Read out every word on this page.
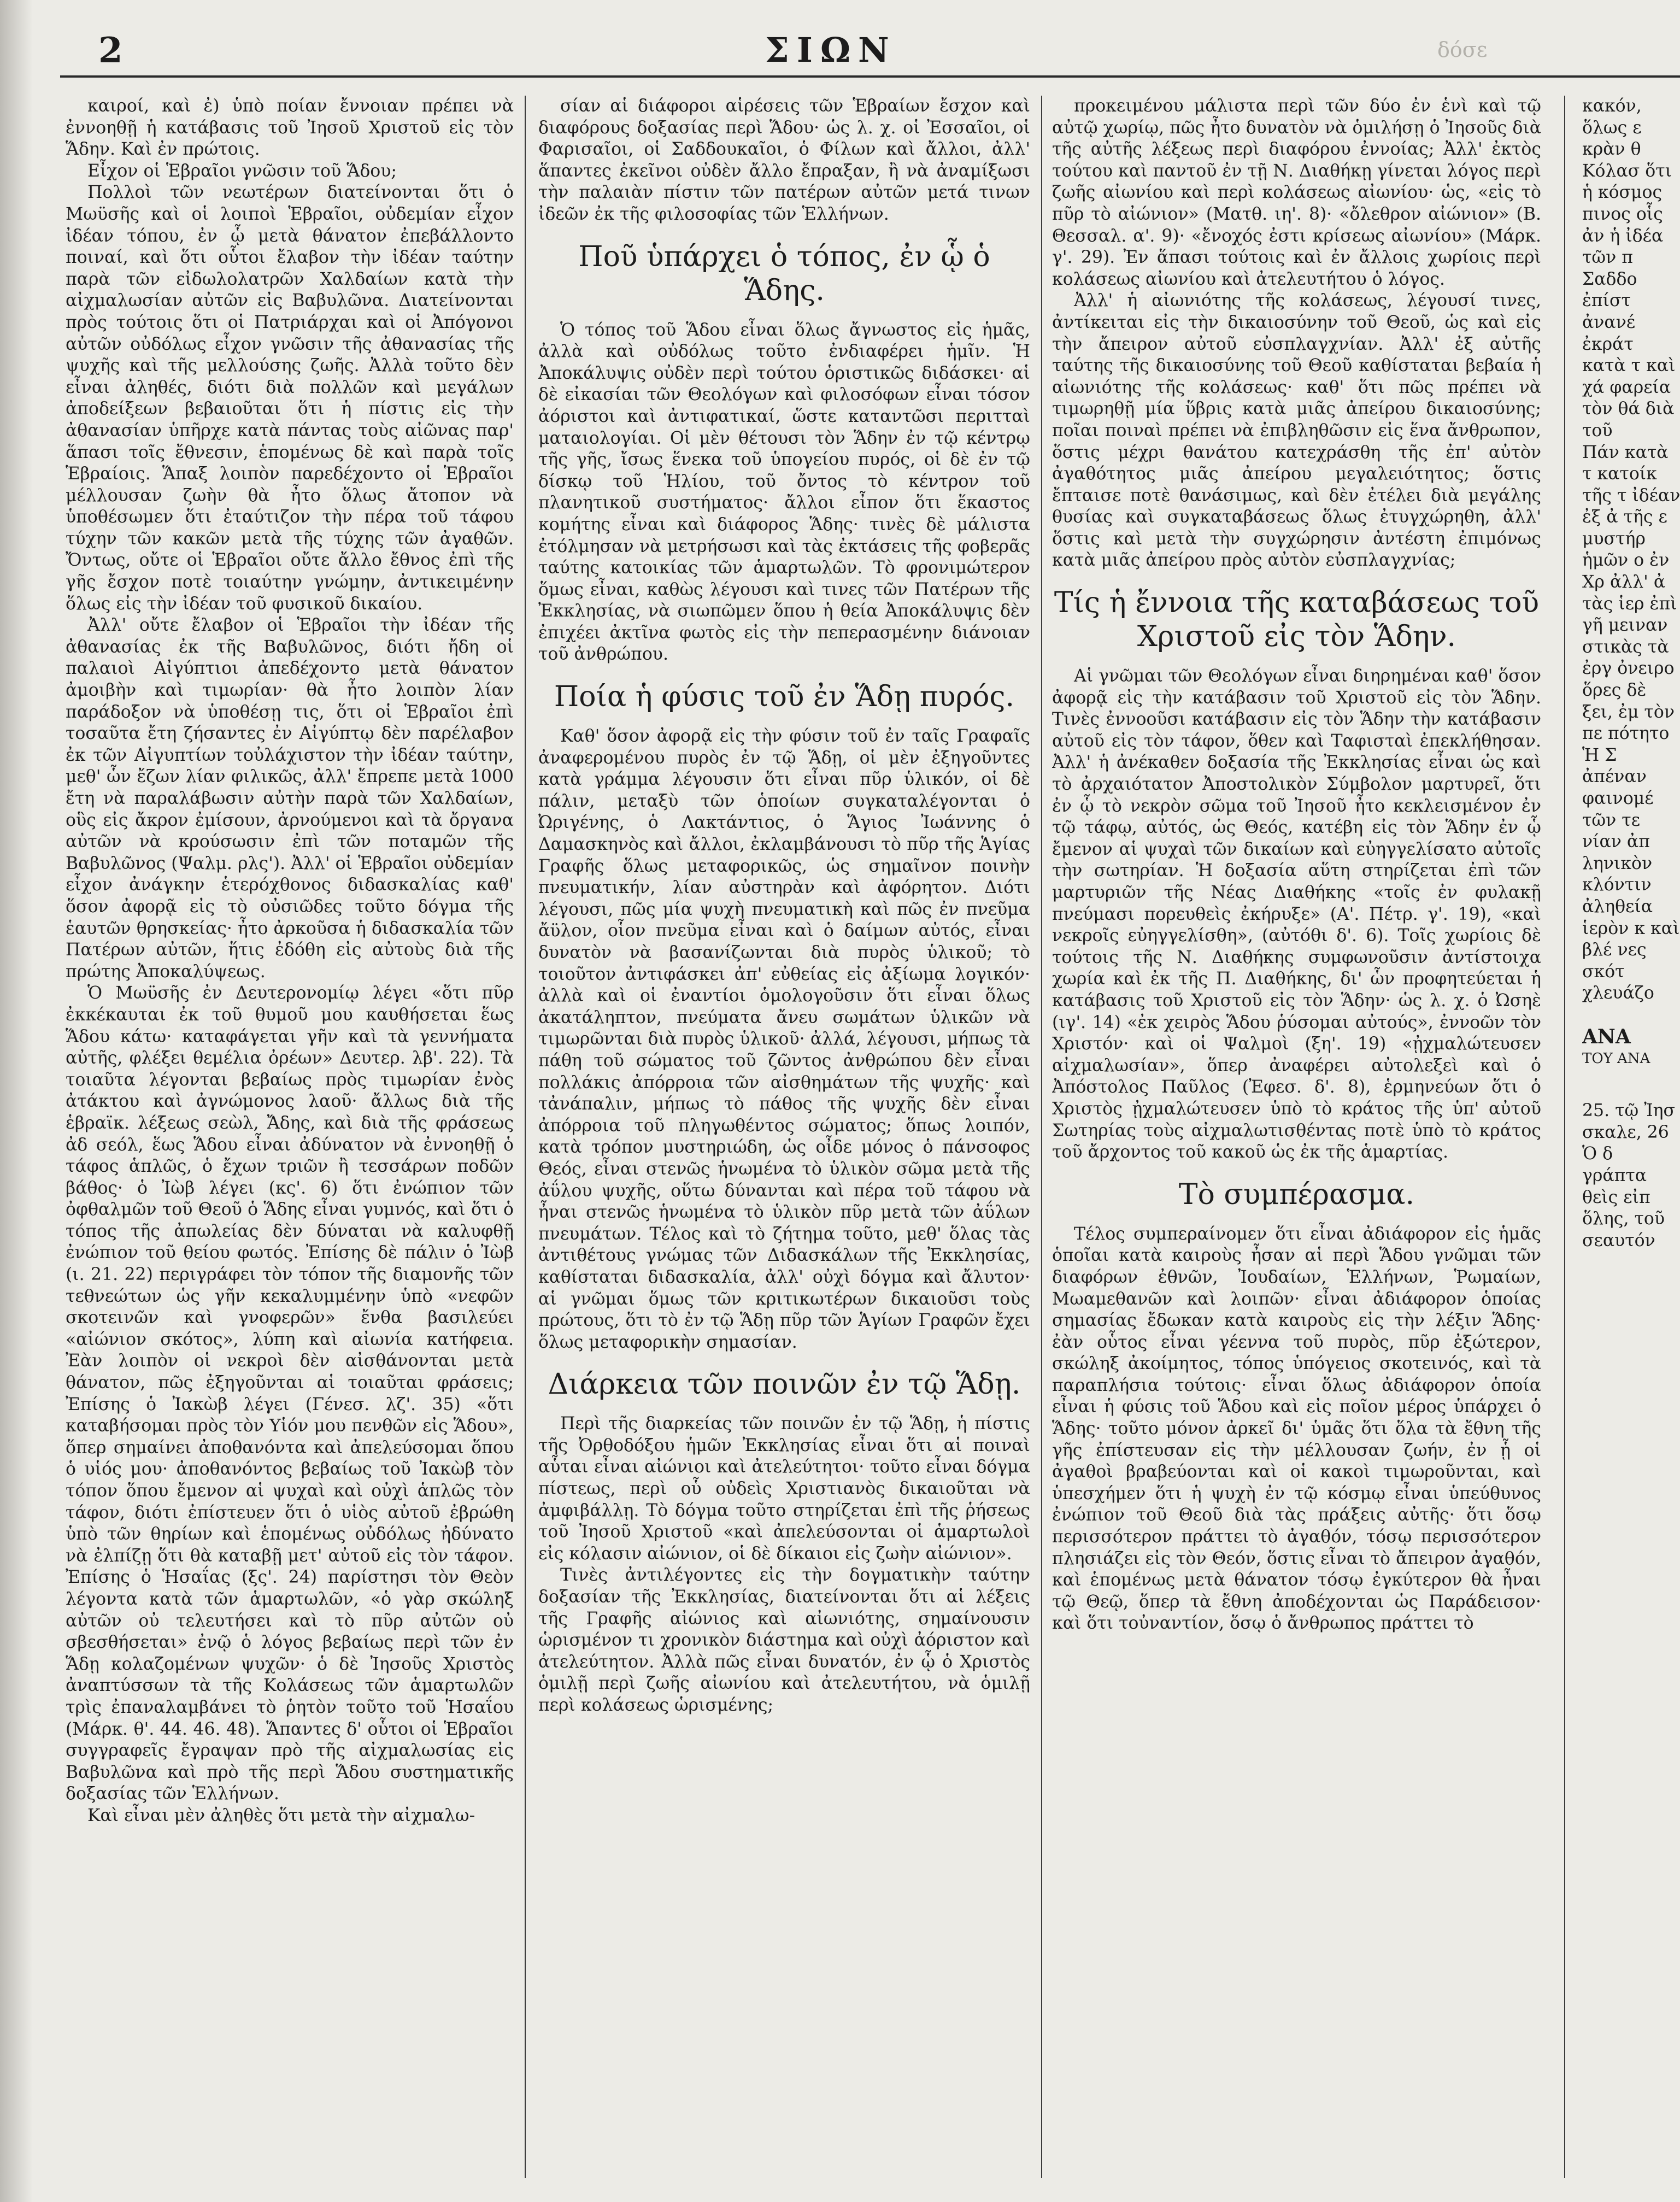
2	ΣΙΩΝ	δόσε

καιροί, καὶ ἐ) ὑπὸ ποίαν ἔννοιαν πρέπει νὰ ἐννοηθῇ ἡ κατάβασις τοῦ Ἰησοῦ Χριστοῦ εἰς τὸν Ἅδην. Καὶ ἐν πρώτοις.

Εἶχον οἱ Ἑβραῖοι γνῶσιν τοῦ Ἅδου;

Πολλοὶ τῶν νεωτέρων διατείνονται ὅτι ὁ Μωϋσῆς καὶ οἱ λοιποὶ Ἑβραῖοι, οὐδεμίαν εἶχον ἰδέαν τόπου, ἐν ᾧ μετὰ θάνατον ἐπεβάλλοντο ποιναί, καὶ ὅτι οὗτοι ἔλαβον τὴν ἰδέαν ταύτην παρὰ τῶν εἰδωλολατρῶν Χαλδαίων κατὰ τὴν αἰχμαλωσίαν αὐτῶν εἰς Βαβυλῶνα. Διατείνονται πρὸς τούτοις ὅτι οἱ Πατριάρχαι καὶ οἱ Ἀπόγονοι αὐτῶν οὐδόλως εἶχον γνῶσιν τῆς ἀθανασίας τῆς ψυχῆς καὶ τῆς μελλούσης ζωῆς. Ἀλλὰ τοῦτο δὲν εἶναι ἀληθές, διότι διὰ πολλῶν καὶ μεγάλων ἀποδείξεων βεβαιοῦται ὅτι ἡ πίστις εἰς τὴν ἀθανασίαν ὑπῆρχε κατὰ πάντας τοὺς αἰῶνας παρ' ἅπασι τοῖς ἔθνεσιν, ἑπομένως δὲ καὶ παρὰ τοῖς Ἑβραίοις. Ἅπαξ λοιπὸν παρεδέχοντο οἱ Ἑβραῖοι μέλλουσαν ζωὴν θὰ ἦτο ὅλως ἄτοπον νὰ ὑποθέσωμεν ὅτι ἐταύτιζον τὴν πέρα τοῦ τάφου τύχην τῶν κακῶν μετὰ τῆς τύχης τῶν ἀγαθῶν. Ὄντως, οὔτε οἱ Ἑβραῖοι οὔτε ἄλλο ἔθνος ἐπὶ τῆς γῆς ἔσχον ποτὲ τοιαύτην γνώμην, ἀντικειμένην ὅλως εἰς τὴν ἰδέαν τοῦ φυσικοῦ δικαίου.

Ἀλλ' οὔτε ἔλαβον οἱ Ἑβραῖοι τὴν ἰδέαν τῆς ἀθανασίας ἐκ τῆς Βαβυλῶνος, διότι ἤδη οἱ παλαιοὶ Αἰγύπτιοι ἀπεδέχοντο μετὰ θάνατον ἀμοιβὴν καὶ τιμωρίαν· θὰ ἦτο λοιπὸν λίαν παράδοξον νὰ ὑποθέσῃ τις, ὅτι οἱ Ἑβραῖοι ἐπὶ τοσαῦτα ἔτη ζήσαντες ἐν Αἰγύπτῳ δὲν παρέλαβον ἐκ τῶν Αἰγυπτίων τοὐλάχιστον τὴν ἰδέαν ταύτην, μεθ' ὧν ἔζων λίαν φιλικῶς, ἀλλ' ἔπρεπε μετὰ 1000 ἔτη νὰ παραλάβωσιν αὐτὴν παρὰ τῶν Χαλδαίων, οὓς εἰς ἄκρον ἐμίσουν, ἀρνούμενοι καὶ τὰ ὄργανα αὐτῶν νὰ κρούσωσιν ἐπὶ τῶν ποταμῶν τῆς Βαβυλῶνος (Ψαλμ. ρλς'). Ἀλλ' οἱ Ἑβραῖοι οὐδεμίαν εἶχον ἀνάγκην ἑτερόχθονος διδασκαλίας καθ' ὅσον ἀφορᾷ εἰς τὸ οὐσιῶδες τοῦτο δόγμα τῆς ἑαυτῶν θρησκείας· ἦτο ἀρκοῦσα ἡ διδασκαλία τῶν Πατέρων αὐτῶν, ἥτις ἐδόθη εἰς αὐτοὺς διὰ τῆς πρώτης Ἀποκαλύψεως.

Ὁ Μωϋσῆς ἐν Δευτερονομίῳ λέγει «ὅτι πῦρ ἐκκέκαυται ἐκ τοῦ θυμοῦ μου καυθήσεται ἕως Ἅδου κάτω· καταφάγεται γῆν καὶ τὰ γεννήματα αὐτῆς, φλέξει θεμέλια ὀρέων» Δευτερ. λβ'. 22). Τὰ τοιαῦτα λέγονται βεβαίως πρὸς τιμωρίαν ἐνὸς ἀτάκτου καὶ ἀγνώμονος λαοῦ· ἄλλως διὰ τῆς ἑβραϊκ. λέξεως σεὼλ, Ἄδης, καὶ διὰ τῆς φράσεως ἀδ σεόλ, ἕως Ἅδου εἶναι ἀδύνατον νὰ ἐννοηθῇ ὁ τάφος ἁπλῶς, ὁ ἔχων τριῶν ἢ τεσσάρων ποδῶν βάθος· ὁ Ἰὼβ λέγει (κς'. 6) ὅτι ἐνώπιον τῶν ὀφθαλμῶν τοῦ Θεοῦ ὁ Ἅδης εἶναι γυμνός, καὶ ὅτι ὁ τόπος τῆς ἀπωλείας δὲν δύναται νὰ καλυφθῇ ἐνώπιον τοῦ θείου φωτός. Ἐπίσης δὲ πάλιν ὁ Ἰὼβ (ι. 21. 22) περιγράφει τὸν τόπον τῆς διαμονῆς τῶν τεθνεώτων ὡς γῆν κεκαλυμμένην ὑπὸ «νεφῶν σκοτεινῶν καὶ γνοφερῶν» ἔνθα βασιλεύει «αἰώνιον σκότος», λύπη καὶ αἰωνία κατήφεια. Ἐὰν λοιπὸν οἱ νεκροὶ δὲν αἰσθάνονται μετὰ θάνατον, πῶς ἐξηγοῦνται αἱ τοιαῦται φράσεις; Ἐπίσης ὁ Ἰακὼβ λέγει (Γένεσ. λζ'. 35) «ὅτι καταβήσομαι πρὸς τὸν Υἱόν μου πενθῶν εἰς Ἅδου», ὅπερ σημαίνει ἀποθανόντα καὶ ἀπελεύσομαι ὅπου ὁ υἱός μου· ἀποθανόντος βεβαίως τοῦ Ἰακὼβ τὸν τόπον ὅπου ἔμενον αἱ ψυχαὶ καὶ οὐχὶ ἁπλῶς τὸν τάφον, διότι ἐπίστευεν ὅτι ὁ υἱὸς αὐτοῦ ἐβρώθη ὑπὸ τῶν θηρίων καὶ ἑπομένως οὐδόλως ἠδύνατο νὰ ἐλπίζῃ ὅτι θὰ καταβῇ μετ' αὐτοῦ εἰς τὸν τάφον. Ἐπίσης ὁ Ἡσαΐας (ξς'. 24) παρίστησι τὸν Θεὸν λέγοντα κατὰ τῶν ἁμαρτωλῶν, «ὁ γὰρ σκώληξ αὐτῶν οὐ τελευτήσει καὶ τὸ πῦρ αὐτῶν οὐ σβεσθήσεται» ἐνῷ ὁ λόγος βεβαίως περὶ τῶν ἐν Ἅδῃ κολαζομένων ψυχῶν· ὁ δὲ Ἰησοῦς Χριστὸς ἀναπτύσσων τὰ τῆς Κολάσεως τῶν ἁμαρτωλῶν τρὶς ἐπαναλαμβάνει τὸ ῥητὸν τοῦτο τοῦ Ἡσαΐου (Μάρκ. θ'. 44. 46. 48). Ἅπαντες δ' οὗτοι οἱ Ἑβραῖοι συγγραφεῖς ἔγραψαν πρὸ τῆς αἰχμαλωσίας εἰς Βαβυλῶνα καὶ πρὸ τῆς περὶ Ἅδου συστηματικῆς δοξασίας τῶν Ἑλλήνων.

Καὶ εἶναι μὲν ἀληθὲς ὅτι μετὰ τὴν αἰχμαλω-

σίαν αἱ διάφοροι αἱρέσεις τῶν Ἑβραίων ἔσχον καὶ διαφόρους δοξασίας περὶ Ἅδου· ὡς λ. χ. οἱ Ἐσσαῖοι, οἱ Φαρισαῖοι, οἱ Σαδδουκαῖοι, ὁ Φίλων καὶ ἄλλοι, ἀλλ' ἅπαντες ἐκεῖνοι οὐδὲν ἄλλο ἔπραξαν, ἢ νὰ ἀναμίξωσι τὴν παλαιὰν πίστιν τῶν πατέρων αὐτῶν μετά τινων ἰδεῶν ἐκ τῆς φιλοσοφίας τῶν Ἑλλήνων.

Ποῦ ὑπάρχει ὁ τόπος, ἐν ᾧ ὁ Ἅδης.

Ὁ τόπος τοῦ Ἅδου εἶναι ὅλως ἄγνωστος εἰς ἡμᾶς, ἀλλὰ καὶ οὐδόλως τοῦτο ἐνδιαφέρει ἡμῖν. Ἡ Ἀποκάλυψις οὐδὲν περὶ τούτου ὁριστικῶς διδάσκει· αἱ δὲ εἰκασίαι τῶν Θεολόγων καὶ φιλοσόφων εἶναι τόσον ἀόριστοι καὶ ἀντιφατικαί, ὥστε καταντῶσι περιτταὶ ματαιολογίαι. Οἱ μὲν θέτουσι τὸν Ἅδην ἐν τῷ κέντρῳ τῆς γῆς, ἴσως ἕνεκα τοῦ ὑπογείου πυρός, οἱ δὲ ἐν τῷ δίσκῳ τοῦ Ἡλίου, τοῦ ὄντος τὸ κέντρον τοῦ πλανητικοῦ συστήματος· ἄλλοι εἶπον ὅτι ἕκαστος κομήτης εἶναι καὶ διάφορος Ἅδης· τινὲς δὲ μάλιστα ἐτόλμησαν νὰ μετρήσωσι καὶ τὰς ἐκτάσεις τῆς φοβερᾶς ταύτης κατοικίας τῶν ἁμαρτωλῶν. Τὸ φρονιμώτερον ὅμως εἶναι, καθὼς λέγουσι καὶ τινες τῶν Πατέρων τῆς Ἐκκλησίας, νὰ σιωπῶμεν ὅπου ἡ θεία Ἀποκάλυψις δὲν ἐπιχέει ἀκτῖνα φωτὸς εἰς τὴν πεπερασμένην διάνοιαν τοῦ ἀνθρώπου.

Ποία ἡ φύσις τοῦ ἐν Ἅδῃ πυρός.

Καθ' ὅσον ἀφορᾷ εἰς τὴν φύσιν τοῦ ἐν ταῖς Γραφαῖς ἀναφερομένου πυρὸς ἐν τῷ Ἅδῃ, οἱ μὲν ἐξηγοῦντες κατὰ γράμμα λέγουσιν ὅτι εἶναι πῦρ ὑλικόν, οἱ δὲ πάλιν, μεταξὺ τῶν ὁποίων συγκαταλέγονται ὁ Ὠριγένης, ὁ Λακτάντιος, ὁ Ἅγιος Ἰωάννης ὁ Δαμασκηνὸς καὶ ἄλλοι, ἐκλαμβάνουσι τὸ πῦρ τῆς Ἁγίας Γραφῆς ὅλως μεταφορικῶς, ὡς σημαῖνον ποινὴν πνευματικήν, λίαν αὐστηρὰν καὶ ἀφόρητον. Διότι λέγουσι, πῶς μία ψυχὴ πνευματικὴ καὶ πῶς ἐν πνεῦμα ἄϋλον, οἷον πνεῦμα εἶναι καὶ ὁ δαίμων αὐτός, εἶναι δυνατὸν νὰ βασανίζωνται διὰ πυρὸς ὑλικοῦ; τὸ τοιοῦτον ἀντιφάσκει ἀπ' εὐθείας εἰς ἀξίωμα λογικόν· ἀλλὰ καὶ οἱ ἐναντίοι ὁμολογοῦσιν ὅτι εἶναι ὅλως ἀκατάληπτον, πνεύματα ἄνευ σωμάτων ὑλικῶν νὰ τιμωρῶνται διὰ πυρὸς ὑλικοῦ· ἀλλά, λέγουσι, μήπως τὰ πάθη τοῦ σώματος τοῦ ζῶντος ἀνθρώπου δὲν εἶναι πολλάκις ἀπόρροια τῶν αἰσθημάτων τῆς ψυχῆς· καὶ τἀνάπαλιν, μήπως τὸ πάθος τῆς ψυχῆς δὲν εἶναι ἀπόρροια τοῦ πληγωθέντος σώματος; ὅπως λοιπόν, κατὰ τρόπον μυστηριώδη, ὡς οἶδε μόνος ὁ πάνσοφος Θεός, εἶναι στενῶς ἡνωμένα τὸ ὑλικὸν σῶμα μετὰ τῆς ἀΰλου ψυχῆς, οὕτω δύνανται καὶ πέρα τοῦ τάφου νὰ ἦναι στενῶς ἡνωμένα τὸ ὑλικὸν πῦρ μετὰ τῶν ἀΰλων πνευμάτων. Τέλος καὶ τὸ ζήτημα τοῦτο, μεθ' ὅλας τὰς ἀντιθέτους γνώμας τῶν Διδασκάλων τῆς Ἐκκλησίας, καθίσταται διδασκαλία, ἀλλ' οὐχὶ δόγμα καὶ ἄλυτον· αἱ γνῶμαι ὅμως τῶν κριτικωτέρων δικαιοῦσι τοὺς πρώτους, ὅτι τὸ ἐν τῷ Ἅδῃ πῦρ τῶν Ἁγίων Γραφῶν ἔχει ὅλως μεταφορικὴν σημασίαν.

Διάρκεια τῶν ποινῶν ἐν τῷ Ἅδῃ.

Περὶ τῆς διαρκείας τῶν ποινῶν ἐν τῷ Ἅδῃ, ἡ πίστις τῆς Ὀρθοδόξου ἡμῶν Ἐκκλησίας εἶναι ὅτι αἱ ποιναὶ αὗται εἶναι αἰώνιοι καὶ ἀτελεύτητοι· τοῦτο εἶναι δόγμα πίστεως, περὶ οὗ οὐδεὶς Χριστιανὸς δικαιοῦται νὰ ἀμφιβάλλῃ. Τὸ δόγμα τοῦτο στηρίζεται ἐπὶ τῆς ῥήσεως τοῦ Ἰησοῦ Χριστοῦ «καὶ ἀπελεύσονται οἱ ἁμαρτωλοὶ εἰς κόλασιν αἰώνιον, οἱ δὲ δίκαιοι εἰς ζωὴν αἰώνιον».

Τινὲς ἀντιλέγοντες εἰς τὴν δογματικὴν ταύτην δοξασίαν τῆς Ἐκκλησίας, διατείνονται ὅτι αἱ λέξεις τῆς Γραφῆς αἰώνιος καὶ αἰωνιότης, σημαίνουσιν ὡρισμένον τι χρονικὸν διάστημα καὶ οὐχὶ ἀόριστον καὶ ἀτελεύτητον. Ἀλλὰ πῶς εἶναι δυνατόν, ἐν ᾧ ὁ Χριστὸς ὁμιλῇ περὶ ζωῆς αἰωνίου καὶ ἀτελευτήτου, νὰ ὁμιλῇ περὶ κολάσεως ὡρισμένης;

προκειμένου μάλιστα περὶ τῶν δύο ἐν ἑνὶ καὶ τῷ αὐτῷ χωρίῳ, πῶς ἦτο δυνατὸν νὰ ὁμιλήσῃ ὁ Ἰησοῦς διὰ τῆς αὐτῆς λέξεως περὶ διαφόρου ἐννοίας; Ἀλλ' ἐκτὸς τούτου καὶ παντοῦ ἐν τῇ Ν. Διαθήκῃ γίνεται λόγος περὶ ζωῆς αἰωνίου καὶ περὶ κολάσεως αἰωνίου· ὡς, «εἰς τὸ πῦρ τὸ αἰώνιον» (Ματθ. ιη'. 8)· «ὄλεθρον αἰώνιον» (Β. Θεσσαλ. α'. 9)· «ἔνοχός ἐστι κρίσεως αἰωνίου» (Μάρκ. γ'. 29). Ἐν ἅπασι τούτοις καὶ ἐν ἄλλοις χωρίοις περὶ κολάσεως αἰωνίου καὶ ἀτελευτήτου ὁ λόγος.

Ἀλλ' ἡ αἰωνιότης τῆς κολάσεως, λέγουσί τινες, ἀντίκειται εἰς τὴν δικαιοσύνην τοῦ Θεοῦ, ὡς καὶ εἰς τὴν ἄπειρον αὐτοῦ εὐσπλαγχνίαν. Ἀλλ' ἐξ αὐτῆς ταύτης τῆς δικαιοσύνης τοῦ Θεοῦ καθίσταται βεβαία ἡ αἰωνιότης τῆς κολάσεως· καθ' ὅτι πῶς πρέπει νὰ τιμωρηθῇ μία ὕβρις κατὰ μιᾶς ἀπείρου δικαιοσύνης; ποῖαι ποιναὶ πρέπει νὰ ἐπιβληθῶσιν εἰς ἕνα ἄνθρωπον, ὅστις μέχρι θανάτου κατεχράσθη τῆς ἐπ' αὐτὸν ἀγαθότητος μιᾶς ἀπείρου μεγαλειότητος; ὅστις ἔπταισε ποτὲ θανάσιμως, καὶ δὲν ἐτέλει διὰ μεγάλης θυσίας καὶ συγκαταβάσεως ὅλως ἐτυγχώρηθη, ἀλλ' ὅστις καὶ μετὰ τὴν συγχώρησιν ἀντέστη ἐπιμόνως κατὰ μιᾶς ἀπείρου πρὸς αὐτὸν εὐσπλαγχνίας;

Τίς ἡ ἔννοια τῆς καταβάσεως τοῦ Χριστοῦ εἰς τὸν Ἅδην.

Αἱ γνῶμαι τῶν Θεολόγων εἶναι διηρημέναι καθ' ὅσον ἀφορᾷ εἰς τὴν κατάβασιν τοῦ Χριστοῦ εἰς τὸν Ἅδην. Τινὲς ἐννοοῦσι κατάβασιν εἰς τὸν Ἅδην τὴν κατάβασιν αὐτοῦ εἰς τὸν τάφον, ὅθεν καὶ Ταφισταὶ ἐπεκλήθησαν. Ἀλλ' ἡ ἀνέκαθεν δοξασία τῆς Ἐκκλησίας εἶναι ὡς καὶ τὸ ἀρχαιότατον Ἀποστολικὸν Σύμβολον μαρτυρεῖ, ὅτι ἐν ᾧ τὸ νεκρὸν σῶμα τοῦ Ἰησοῦ ἦτο κεκλεισμένον ἐν τῷ τάφῳ, αὐτός, ὡς Θεός, κατέβη εἰς τὸν Ἅδην ἐν ᾧ ἔμενον αἱ ψυχαὶ τῶν δικαίων καὶ εὐηγγελίσατο αὐτοῖς τὴν σωτηρίαν. Ἡ δοξασία αὕτη στηρίζεται ἐπὶ τῶν μαρτυριῶν τῆς Νέας Διαθήκης «τοῖς ἐν φυλακῇ πνεύμασι πορευθεὶς ἐκήρυξε» (Α'. Πέτρ. γ'. 19), «καὶ νεκροῖς εὐηγγελίσθη», (αὐτόθι δ'. 6). Τοῖς χωρίοις δὲ τούτοις τῆς Ν. Διαθήκης συμφωνοῦσιν ἀντίστοιχα χωρία καὶ ἐκ τῆς Π. Διαθήκης, δι' ὧν προφητεύεται ἡ κατάβασις τοῦ Χριστοῦ εἰς τὸν Ἅδην· ὡς λ. χ. ὁ Ὠσηὲ (ιγ'. 14) «ἐκ χειρὸς Ἅδου ῥύσομαι αὐτούς», ἐννοῶν τὸν Χριστόν· καὶ οἱ Ψαλμοὶ (ξη'. 19) «ᾐχμαλώτευσεν αἰχμαλωσίαν», ὅπερ ἀναφέρει αὐτολεξεὶ καὶ ὁ Ἀπόστολος Παῦλος (Ἐφεσ. δ'. 8), ἑρμηνεύων ὅτι ὁ Χριστὸς ᾐχμαλώτευσεν ὑπὸ τὸ κράτος τῆς ὑπ' αὐτοῦ Σωτηρίας τοὺς αἰχμαλωτισθέντας ποτὲ ὑπὸ τὸ κράτος τοῦ ἄρχοντος τοῦ κακοῦ ὡς ἐκ τῆς ἁμαρτίας.

Τὸ συμπέρασμα.

Τέλος συμπεραίνομεν ὅτι εἶναι ἀδιάφορον εἰς ἡμᾶς ὁποῖαι κατὰ καιροὺς ἦσαν αἱ περὶ Ἅδου γνῶμαι τῶν διαφόρων ἐθνῶν, Ἰουδαίων, Ἑλλήνων, Ῥωμαίων, Μωαμεθανῶν καὶ λοιπῶν· εἶναι ἀδιάφορον ὁποίας σημασίας ἔδωκαν κατὰ καιροὺς εἰς τὴν λέξιν Ἅδης· ἐὰν οὗτος εἶναι γέεννα τοῦ πυρὸς, πῦρ ἐξώτερον, σκώληξ ἀκοίμητος, τόπος ὑπόγειος σκοτεινός, καὶ τὰ παραπλήσια τούτοις· εἶναι ὅλως ἀδιάφορον ὁποία εἶναι ἡ φύσις τοῦ Ἅδου καὶ εἰς ποῖον μέρος ὑπάρχει ὁ Ἅδης· τοῦτο μόνον ἀρκεῖ δι' ὑμᾶς ὅτι ὅλα τὰ ἔθνη τῆς γῆς ἐπίστευσαν εἰς τὴν μέλλουσαν ζωήν, ἐν ᾗ οἱ ἀγαθοὶ βραβεύονται καὶ οἱ κακοὶ τιμωροῦνται, καὶ ὑπεσχήμεν ὅτι ἡ ψυχὴ ἐν τῷ κόσμῳ εἶναι ὑπεύθυνος ἐνώπιον τοῦ Θεοῦ διὰ τὰς πράξεις αὐτῆς· ὅτι ὅσῳ περισσότερον πράττει τὸ ἀγαθόν, τόσῳ περισσότερον πλησιάζει εἰς τὸν Θεόν, ὅστις εἶναι τὸ ἄπειρον ἀγαθόν, καὶ ἑπομένως μετὰ θάνατον τόσῳ ἐγκύτερον θὰ ἦναι τῷ Θεῷ, ὅπερ τὰ ἔθνη ἀποδέχονται ὡς Παράδεισον· καὶ ὅτι τοὐναντίον, ὅσῳ ὁ ἄνθρωπος πράττει τὸ

κακόν, ὅλως ε κρὰν θ Κόλασ ὅτι ἡ κόσμος πινος οἷς ἀν ἡ ἰδέα τῶν π Σαδδο ἐπίστ ἀνανέ ἐκράτ κατὰ τ καὶ χά φαρεία τὸν θά διὰ τοῦ

Πάν κατὰ τ κατοίκ τῆς τ ἰδέαν ἐξ ἀ τῆς ε μυστήρ ἡμῶν ο ἐν Χρ ἀλλ' ἀ τὰς ἱερ ἐπὶ γῆ μειναν στικὰς τὰ ἐργ ὀνειρο ὅρες δὲ ξει, ἐμ τὸν πε πότητο

Ἡ Σ ἀπέναν φαινομέ τῶν τε νίαν ἀπ ληνικὸν κλόντιν ἀληθεία ἱερὸν κ καὶ βλέ νες σκότ χλευάζο

ΑΝΑ

ΤΟΥ ΑΝΑ

25. τῷ Ἰησ σκαλε, 26 Ὁ δ γράπτα θεὶς εἰπ ὅλης, τοῦ σεαυτόν
